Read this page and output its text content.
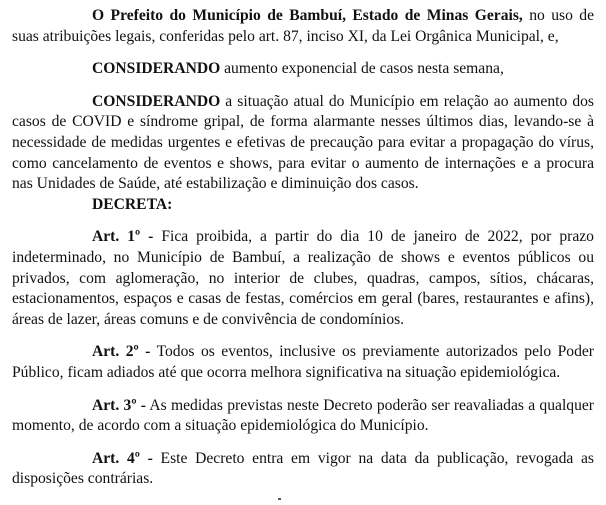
O Prefeito do Município de Bambuí, Estado de Minas Gerais, no uso de suas atribuições legais, conferidas pelo art. 87, inciso XI, da Lei Orgânica Municipal, e,

CONSIDERANDO aumento exponencial de casos nesta semana,

CONSIDERANDO a situação atual do Município em relação ao aumento dos casos de COVID e síndrome gripal, de forma alarmante nesses últimos dias, levando-se à necessidade de medidas urgentes e efetivas de precaução para evitar a propagação do vírus, como cancelamento de eventos e shows, para evitar o aumento de internações e a procura nas Unidades de Saúde, até estabilização e diminuição dos casos.

DECRETA:

Art. 1º - Fica proibida, a partir do dia 10 de janeiro de 2022, por prazo indeterminado, no Município de Bambuí, a realização de shows e eventos públicos ou privados, com aglomeração, no interior de clubes, quadras, campos, sítios, chácaras, estacionamentos, espaços e casas de festas, comércios em geral (bares, restaurantes e afins), áreas de lazer, áreas comuns e de convivência de condomínios.

Art. 2º - Todos os eventos, inclusive os previamente autorizados pelo Poder Público, ficam adiados até que ocorra melhora significativa na situação epidemiológica.

Art. 3º - As medidas previstas neste Decreto poderão ser reavaliadas a qualquer momento, de acordo com a situação epidemiológica do Município.

Art. 4º - Este Decreto entra em vigor na data da publicação, revogada as disposições contrárias.
